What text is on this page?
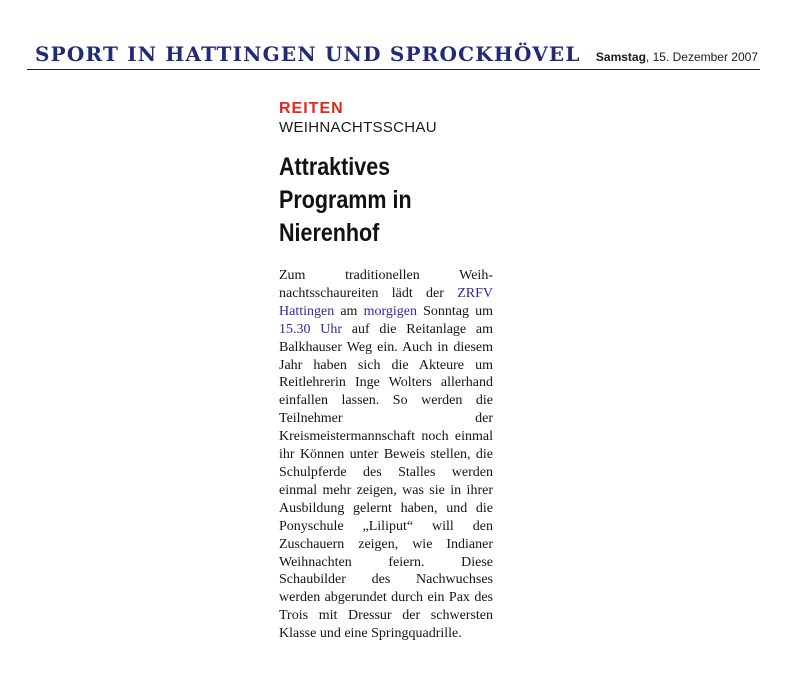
SPORT IN HATTINGEN UND SPROCKHÖVEL Samstag, 15. Dezember 2007
REITEN
WEIHNACHTSSCHAU
Attraktives
Programm in
Nierenhof

Zum traditionellen Weihnachtsschaureiten lädt der ZRFV Hattingen am morgigen Sonntag um 15.30 Uhr auf die Reitanlage am Balkhauser Weg ein. Auch in diesem Jahr haben sich die Akteure um Reitlehrerin Inge Wolters allerhand einfallen lassen. So werden die Teilnehmer der Kreismeistermannschaft noch einmal ihr Können unter Beweis stellen, die Schulpferde des Stalles werden einmal mehr zeigen, was sie in ihrer Ausbildung gelernt haben, und die Ponyschule „Liliput“ will den Zuschauern zeigen, wie Indianer Weihnachten feiern. Diese Schaubilder des Nachwuchses werden abgerundet durch ein Pax des Trois mit Dressur der schwersten Klasse und eine Springquadrille.
